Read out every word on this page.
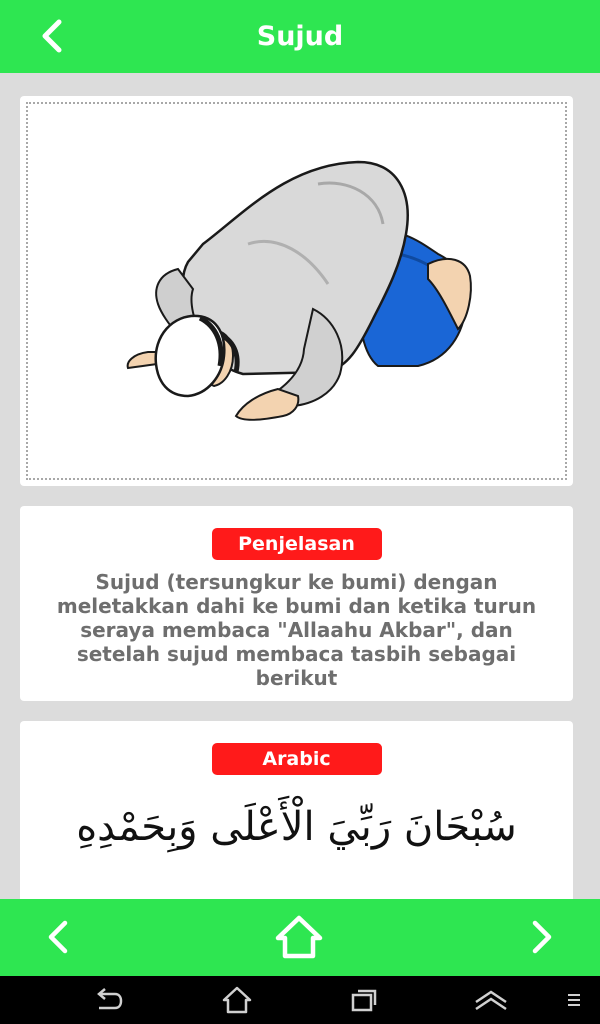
Sujud
Penjelasan
Sujud (tersungkur ke bumi) dengan meletakkan dahi ke bumi dan ketika turun seraya membaca "Allaahu Akbar", dan setelah sujud membaca tasbih sebagai berikut
Arabic
سُبْحَانَ رَبِّيَ الْأَعْلَى وَبِحَمْدِهِ
